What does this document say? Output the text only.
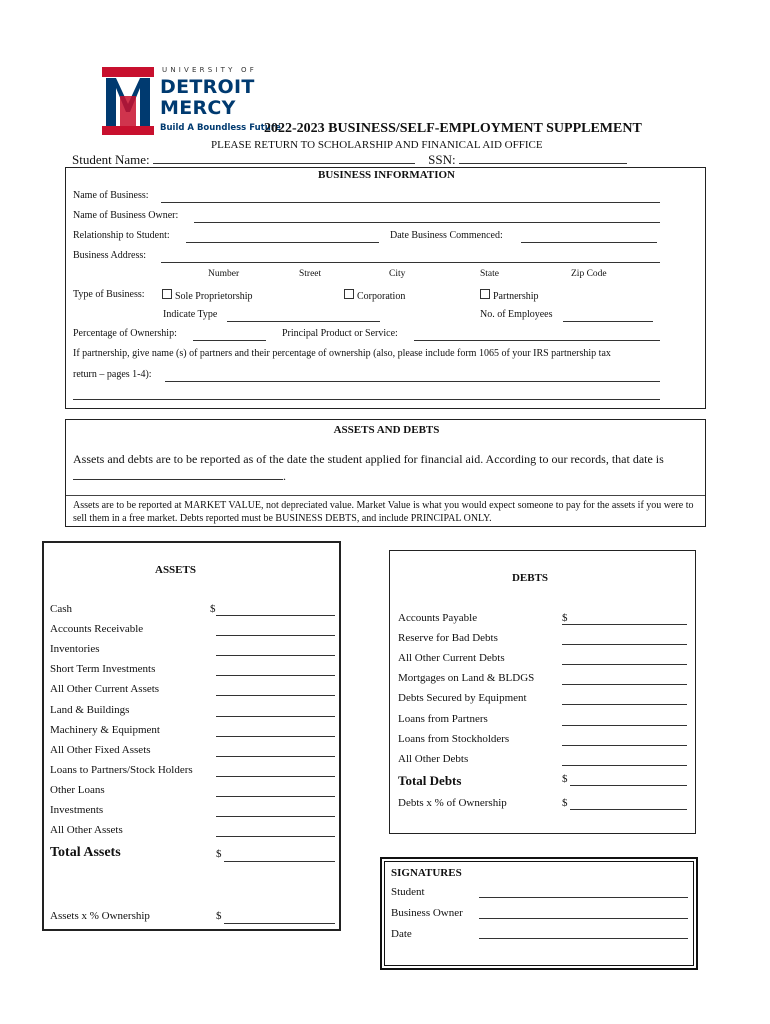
UNIVERSITY OF
DETROIT
MERCY
Build A Boundless Future
2022-2023 BUSINESS/SELF-EMPLOYMENT SUPPLEMENT
PLEASE RETURN TO SCHOLARSHIP AND FINANICAL AID OFFICE
Student Name:	SSN:
BUSINESS INFORMATION
Name of Business:
Name of Business Owner:
Relationship to Student:	Date Business Commenced:
Business Address:
Number	Street	City	State	Zip Code
Type of Business:	Sole Proprietorship	Corporation	Partnership
Indicate Type	No. of Employees
Percentage of Ownership:	Principal Product or Service:
If partnership, give name (s) of partners and their percentage of ownership (also, please include form 1065 of your IRS partnership tax
return – pages 1-4):
ASSETS AND DEBTS
Assets and debts are to be reported as of the date the student applied for financial aid. According to our records, that date is
.
Assets are to be reported at MARKET VALUE, not depreciated value. Market Value is what you would expect someone to pay for the assets if you were to sell them in a free market. Debts reported must be BUSINESS DEBTS, and include PRINCIPAL ONLY.
ASSETS
Cash	$
Accounts Receivable
Inventories
Short Term Investments
All Other Current Assets
Land & Buildings
Machinery & Equipment
All Other Fixed Assets
Loans to Partners/Stock Holders
Other Loans
Investments
All Other Assets
Total Assets	$
Assets x % Ownership	$
DEBTS
Accounts Payable	$
Reserve for Bad Debts
All Other Current Debts
Mortgages on Land & BLDGS
Debts Secured by Equipment
Loans from Partners
Loans from Stockholders
All Other Debts
Total Debts	$
Debts x % of Ownership	$
SIGNATURES
Student
Business Owner
Date
